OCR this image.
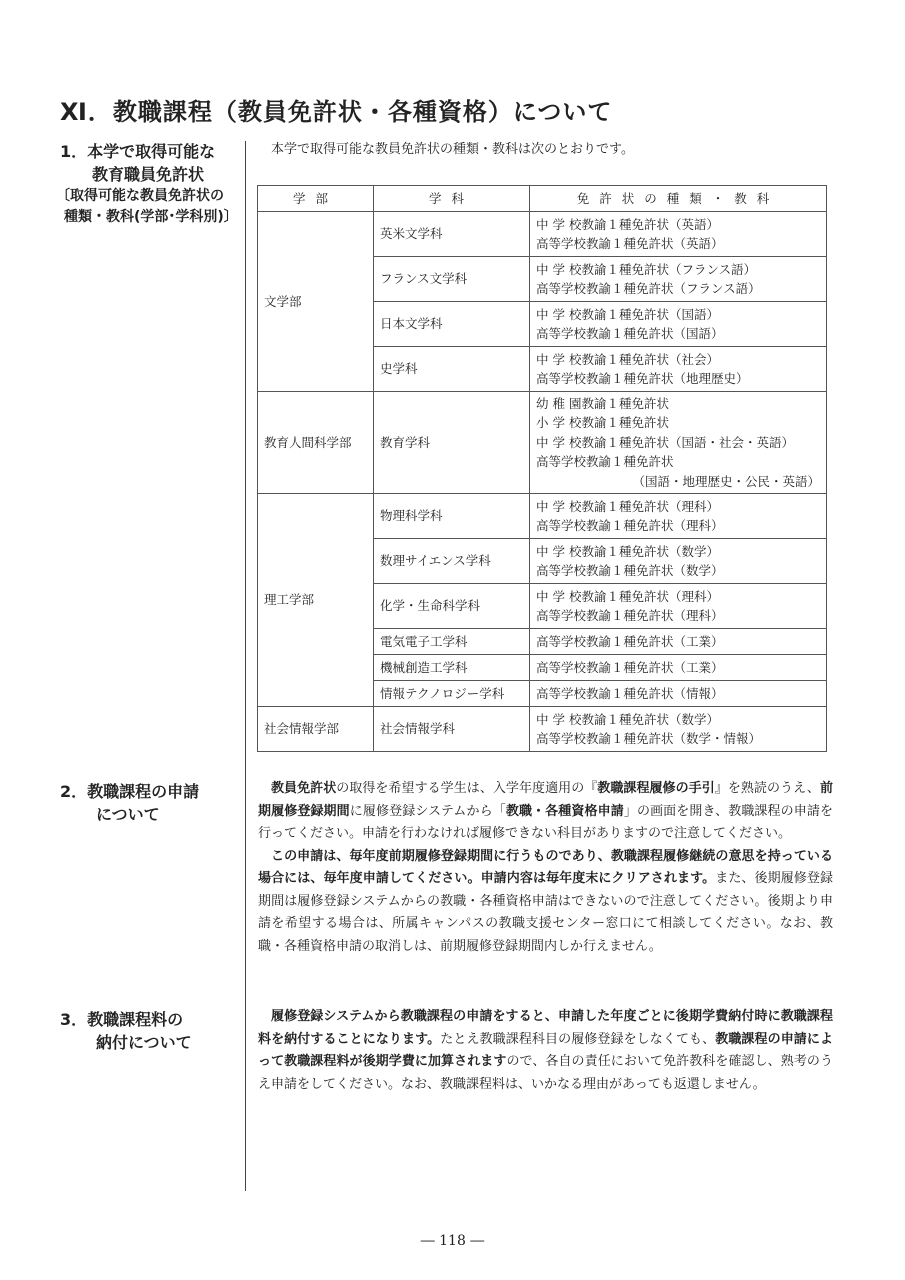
Ⅺ．教職課程（教員免許状・各種資格）について
1．本学で取得可能な
教育職員免許状
〔取得可能な教員免許状の
種類・教科(学部･学科別)〕
本学で取得可能な教員免許状の種類・教科は次のとおりです。
学部	学科	免許状の種類・教科
文学部	英米文学科	中 学 校教諭１種免許状（英語）
高等学校教諭１種免許状（英語）

	フランス文学科	中 学 校教諭１種免許状（フランス語）
高等学校教諭１種免許状（フランス語）

	日本文学科	中 学 校教諭１種免許状（国語）
高等学校教諭１種免許状（国語）

	史学科	中 学 校教諭１種免許状（社会）
高等学校教諭１種免許状（地理歴史）

教育人間科学部	教育学科	幼 稚 園教諭１種免許状
小 学 校教諭１種免許状
中 学 校教諭１種免許状（国語・社会・英語）
高等学校教諭１種免許状
（国語・地理歴史・公民・英語）

理工学部	物理科学科	中 学 校教諭１種免許状（理科）
高等学校教諭１種免許状（理科）

	数理サイエンス学科	中 学 校教諭１種免許状（数学）
高等学校教諭１種免許状（数学）

	化学・生命科学科	中 学 校教諭１種免許状（理科）
高等学校教諭１種免許状（理科）

	電気電子工学科	高等学校教諭１種免許状（工業）

	機械創造工学科	高等学校教諭１種免許状（工業）

	情報テクノロジー学科	高等学校教諭１種免許状（情報）

社会情報学部	社会情報学科	中 学 校教諭１種免許状（数学）
高等学校教諭１種免許状（数学・情報）
2．教職課程の申請
について

教員免許状の取得を希望する学生は、入学年度適用の『教職課程履修の手引』を熟読のうえ、前期履修登録期間に履修登録システムから「教職・各種資格申請」の画面を開き、教職課程の申請を行ってください。申請を行わなければ履修できない科目がありますので注意してください。

この申請は、毎年度前期履修登録期間に行うものであり、教職課程履修継続の意思を持っている場合には、毎年度申請してください。申請内容は毎年度末にクリアされます。また、後期履修登録期間は履修登録システムからの教職・各種資格申請はできないので注意してください。後期より申請を希望する場合は、所属キャンパスの教職支援センター窓口にて相談してください。なお、教職・各種資格申請の取消しは、前期履修登録期間内しか行えません。

3．教職課程料の
納付について

履修登録システムから教職課程の申請をすると、申請した年度ごとに後期学費納付時に教職課程料を納付することになります。たとえ教職課程科目の履修登録をしなくても、教職課程の申請によって教職課程料が後期学費に加算されますので、各自の責任において免許教科を確認し、熟考のうえ申請をしてください。なお、教職課程料は、いかなる理由があっても返還しません。

― 118 ―
